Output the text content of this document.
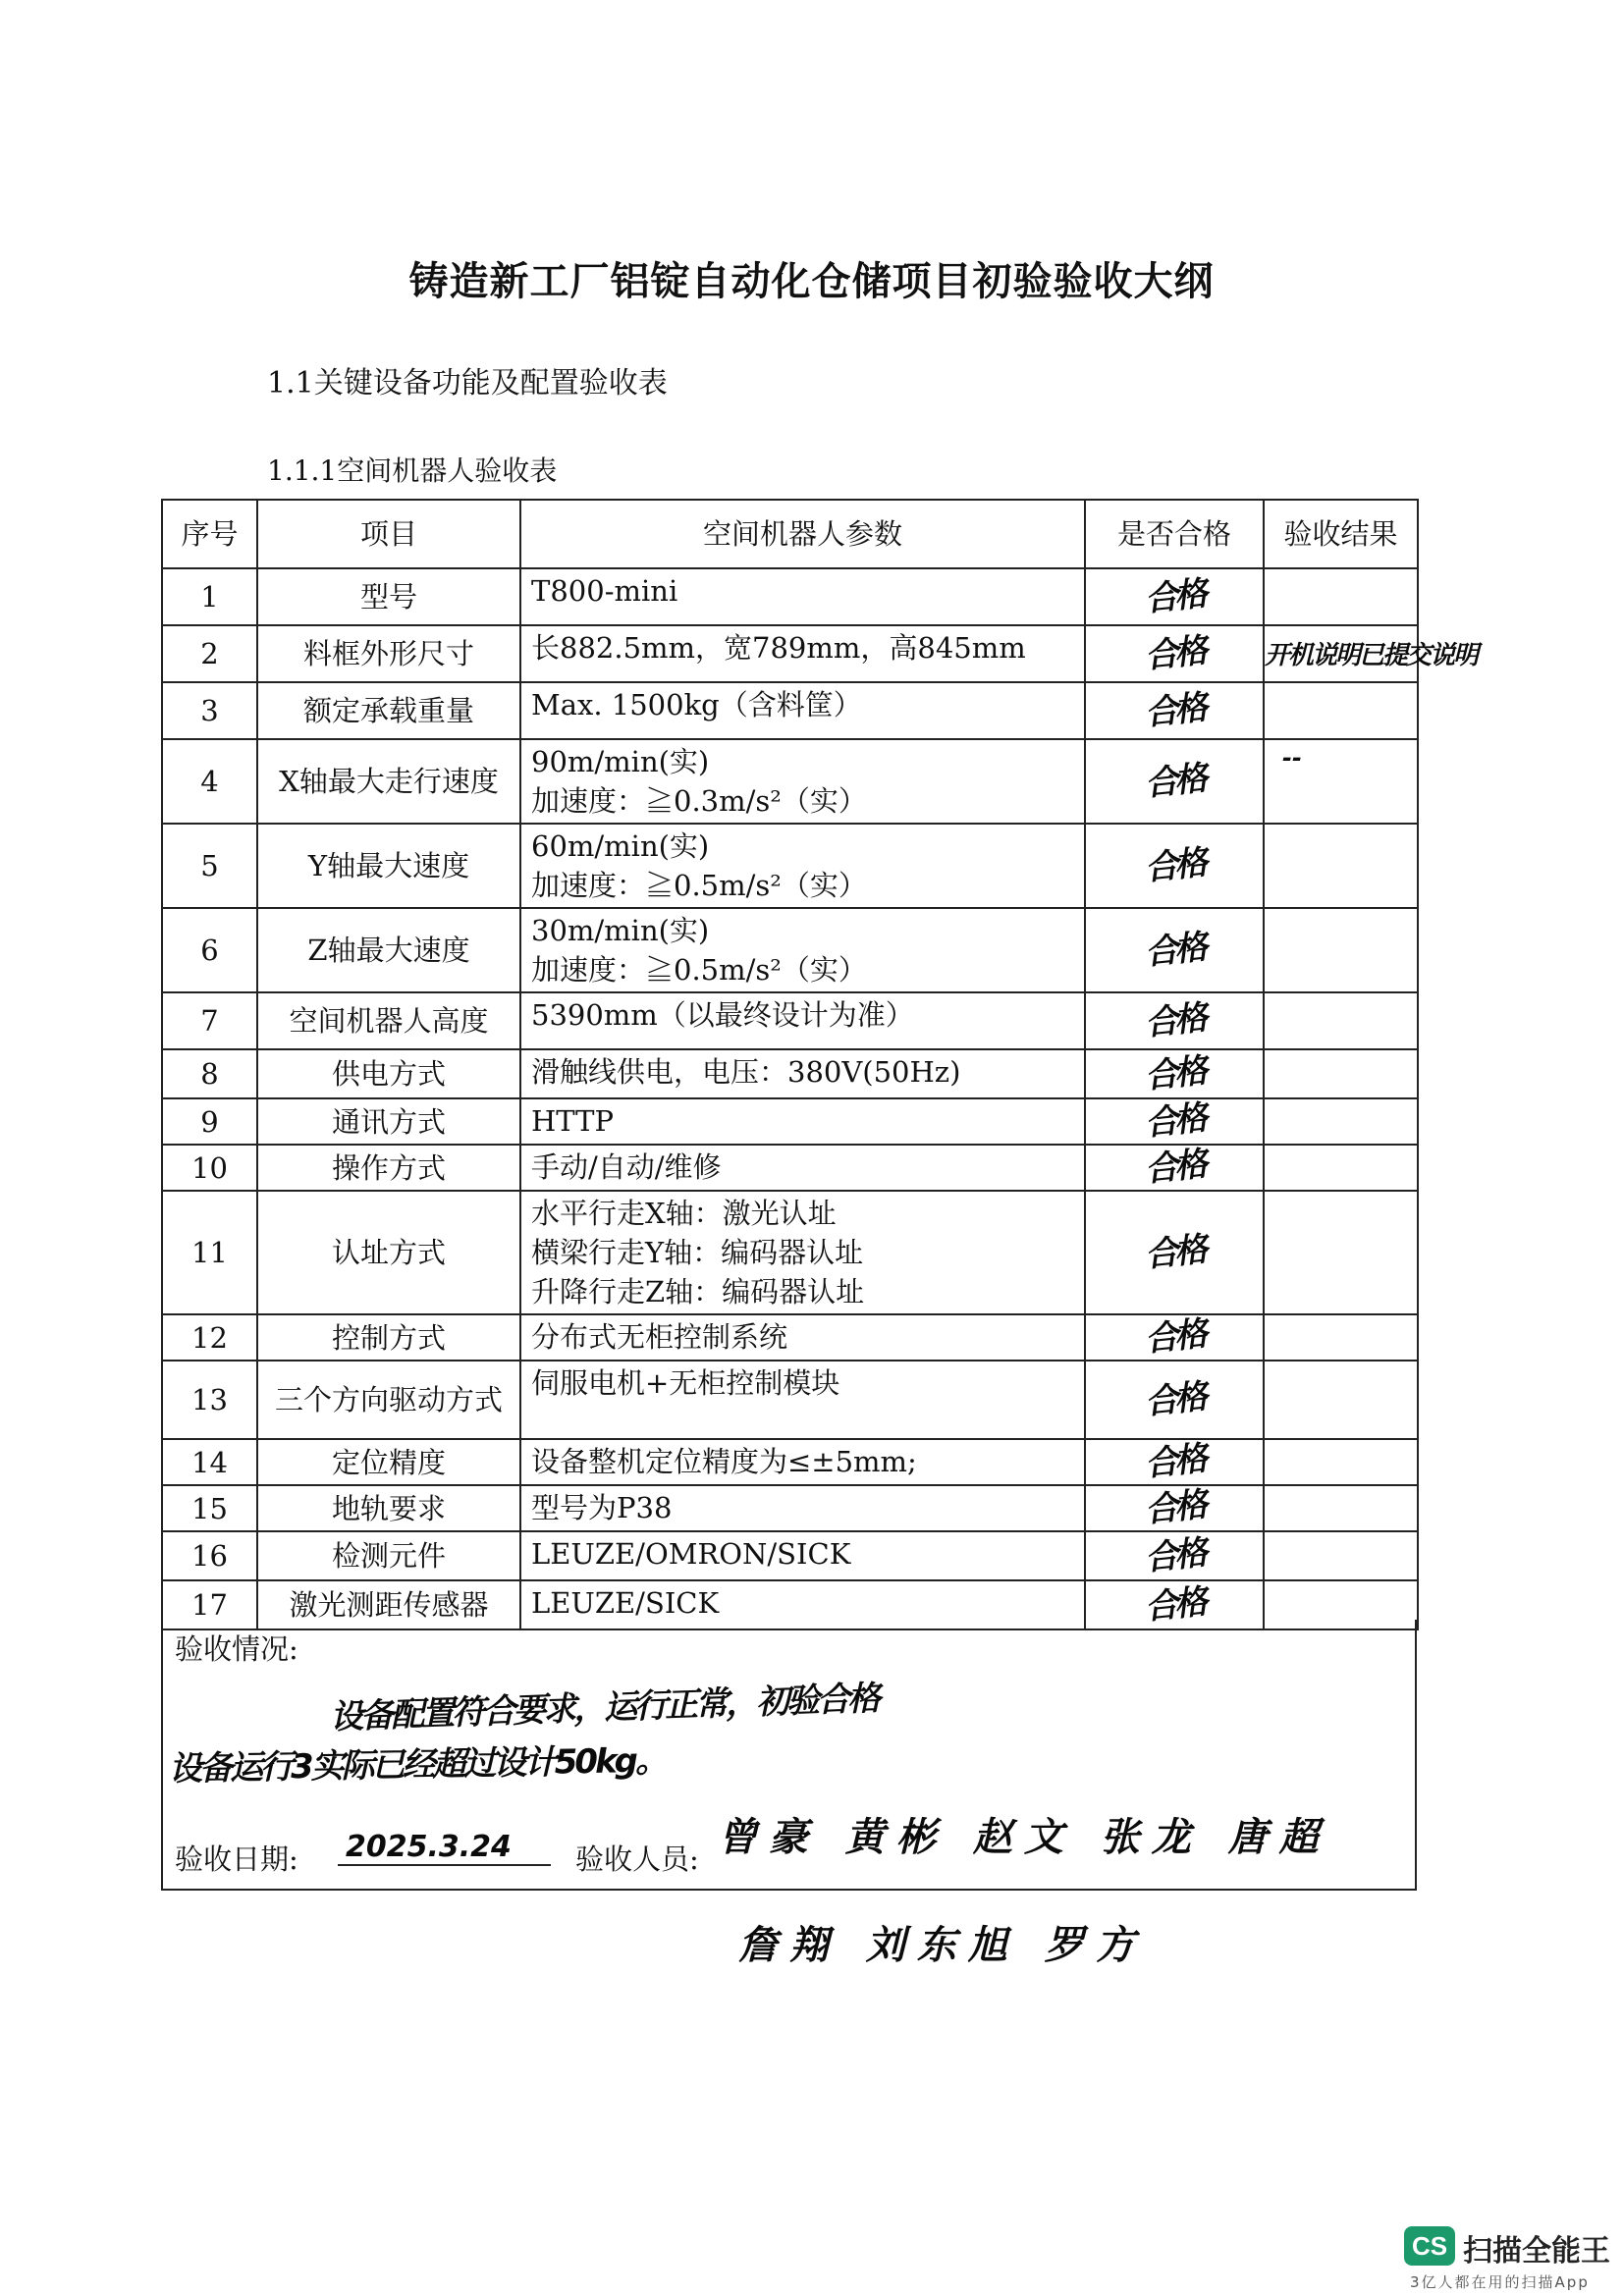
铸造新工厂铝锭自动化仓储项目初验验收大纲
1.1关键设备功能及配置验收表
1.1.1空间机器人验收表
序号	项目	空间机器人参数	是否合格	验收结果
1	型号	T800-mini	合格	
2	料框外形尺寸	长882.5mm，宽789mm，高845mm	合格	开机说明已提交说明

3	额定承载重量	Max. 1500kg（含料筐）	合格	
4	X轴最大走行速度	90m/min(实)
加速度：≧0.3m/s²（实）	合格	--

5	Y轴最大速度	60m/min(实)
加速度：≧0.5m/s²（实）	合格	
6	Z轴最大速度	30m/min(实)
加速度：≧0.5m/s²（实）	合格	
7	空间机器人高度	5390mm（以最终设计为准）	合格	
8	供电方式	滑触线供电，电压：380V(50Hz)	合格	
9	通讯方式	HTTP	合格	
10	操作方式	手动/自动/维修	合格	
11	认址方式	水平行走X轴：激光认址
横梁行走Y轴：编码器认址
升降行走Z轴：编码器认址	合格	
12	控制方式	分布式无柜控制系统	合格	
13	三个方向驱动方式	伺服电机+无柜控制模块	合格	
14	定位精度	设备整机定位精度为≤±5mm;	合格	
15	地轨要求	型号为P38	合格	
16	检测元件	LEUZE/OMRON/SICK	合格	
17	激光测距传感器	LEUZE/SICK	合格	
验收情况:
设备配置符合要求，运行正常，初验合格
设备运行3实际已经超过设计50kg。
验收日期: 2025.3.24	验收人员: 曾豪 黄彬 赵文 张龙 唐超
詹翔 刘东旭 罗方
CS 扫描全能王
3亿人都在用的扫描App
